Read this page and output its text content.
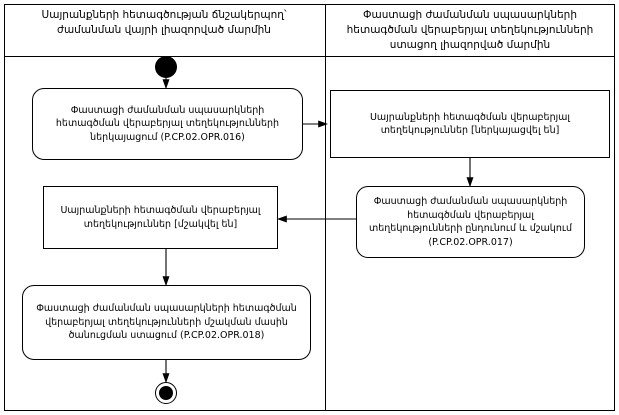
Սայրանքների հետագծության ճնշակերպող՝ ժամանման վայրի լիազորված մարմին
Փաստացի ժամանման սպասարկների հետագծման վերաբերյալ տեղեկությունների ստացող լիազորված մարմին
Փաստացի ժամանման սպասարկների հետագծման վերաբերյալ տեղեկությունների ներկայացում (P.CP.02.OPR.016)
Սայրանքների հետագծման վերաբերյալ տեղեկություններ [ներկայացվել են]
Փաստացի ժամանման սպասարկների հետագծման վերաբերյալ տեղեկությունների ընդունում և մշակում (P.CP.02.OPR.017)
Սայրանքների հետագծման վերաբերյալ տեղեկություններ [մշակվել են]
Փաստացի ժամանման սպասարկների հետագծման վերաբերյալ տեղեկությունների մշակման մասին ծանուցման ստացում (P.CP.02.OPR.018)
